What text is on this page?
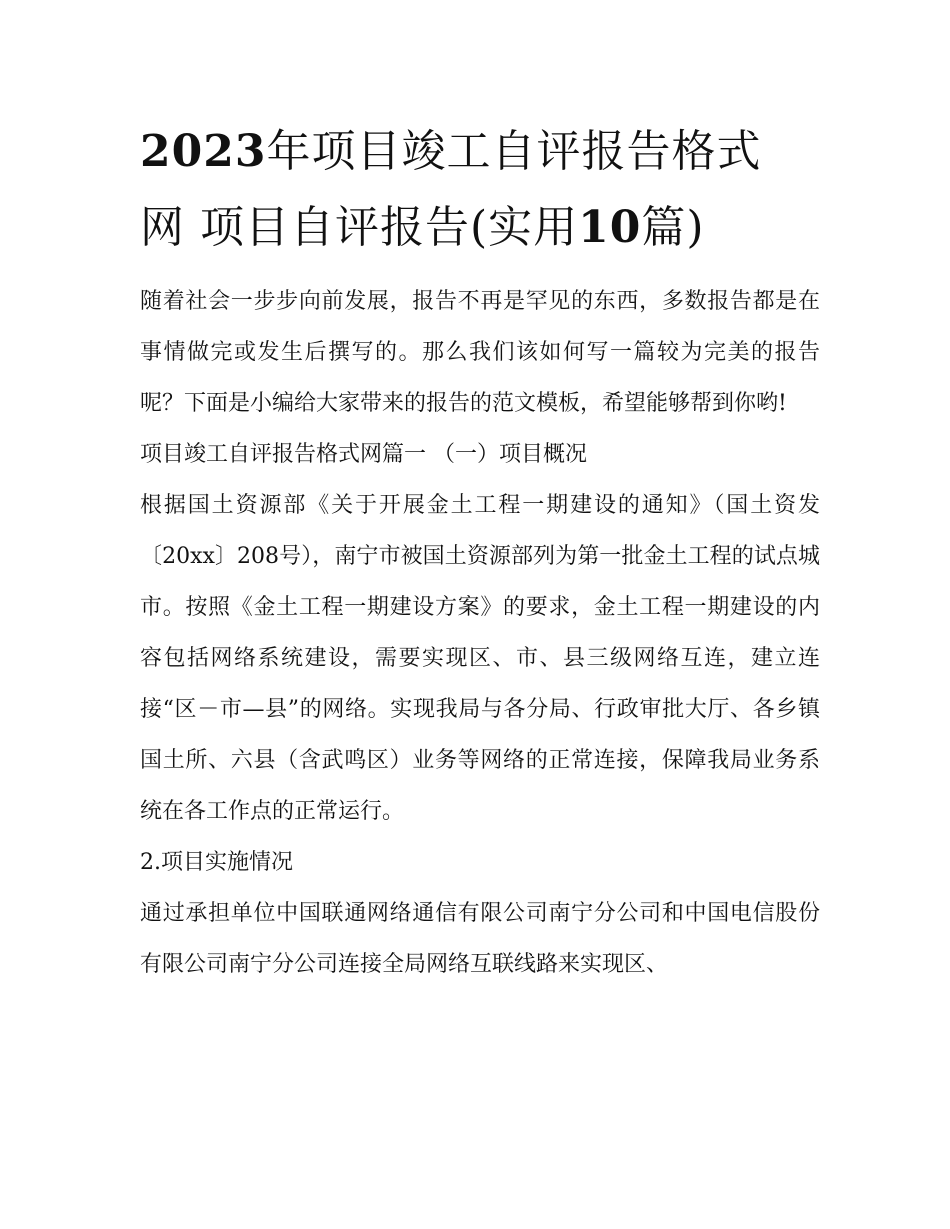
2023年项目竣工自评报告格式
网 项目自评报告(实用10篇)

随着社会一步步向前发展，报告不再是罕见的东西，多数报告都是在事情做完或发生后撰写的。那么我们该如何写一篇较为完美的报告呢？下面是小编给大家带来的报告的范文模板，希望能够帮到你哟!

项目竣工自评报告格式网篇一 （一）项目概况

根据国土资源部《关于开展金土工程一期建设的通知》（国土资发〔20xx〕208号），南宁市被国土资源部列为第一批金土工程的试点城市。按照《金土工程一期建设方案》的要求，金土工程一期建设的内容包括网络系统建设，需要实现区、市、县三级网络互连，建立连接“区－市—县”的网络。实现我局与各分局、行政审批大厅、各乡镇国土所、六县（含武鸣区）业务等网络的正常连接，保障我局业务系统在各工作点的正常运行。

2.项目实施情况

通过承担单位中国联通网络通信有限公司南宁分公司和中国电信股份有限公司南宁分公司连接全局网络互联线路来实现区、
